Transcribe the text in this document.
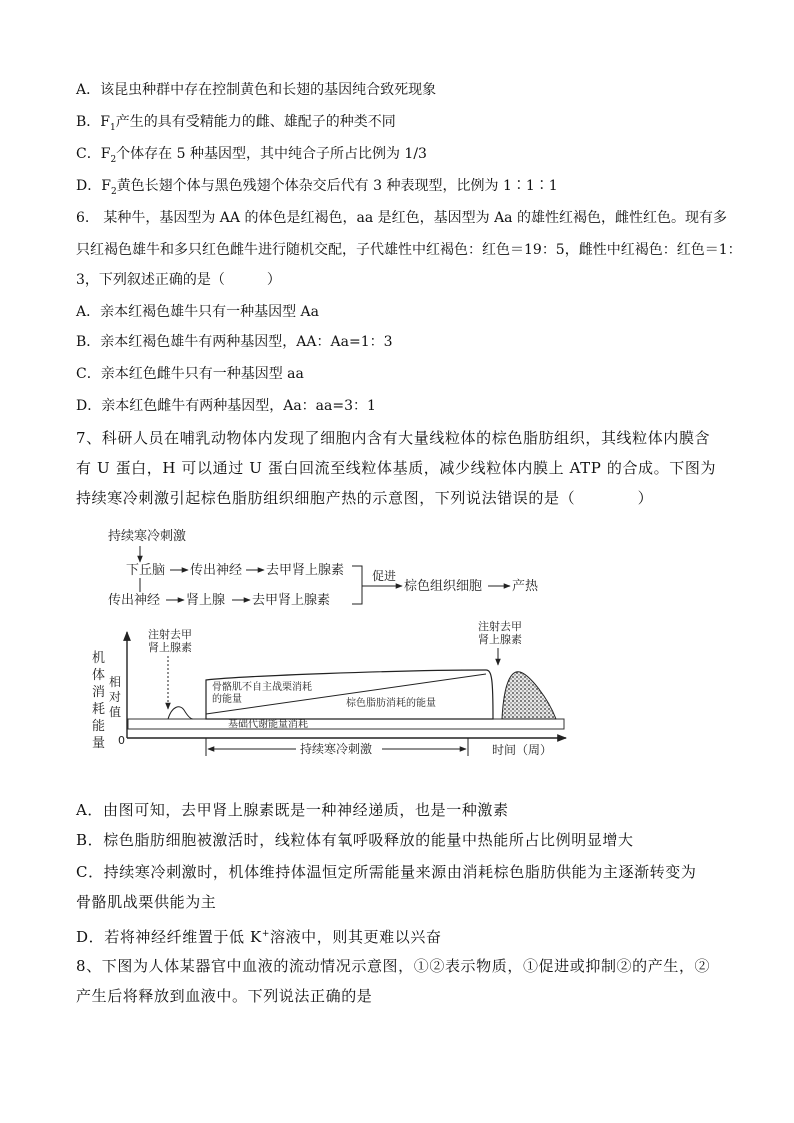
A．该昆虫种群中存在控制黄色和长翅的基因纯合致死现象
B．$F_1$产生的具有受精能力的雌、雄配子的种类不同
C．$F_2$个体存在 5 种基因型，其中纯合子所占比例为 1/3
D．$F_2$黄色长翅个体与黑色残翅个体杂交后代有 3 种表现型，比例为 1∶1∶1
6.　某种牛，基因型为 AA 的体色是红褐色，aa 是红色，基因型为 Aa 的雄性红褐色，雌性红色。现有多
只红褐色雄牛和多只红色雌牛进行随机交配，子代雄性中红褐色：红色＝19：5，雌性中红褐色：红色＝1：
3，下列叙述正确的是（　　　）
A．亲本红褐色雄牛只有一种基因型 Aa
B．亲本红褐色雄牛有两种基因型，AA：Aa=1：3
C．亲本红色雌牛只有一种基因型 aa
D．亲本红色雌牛有两种基因型，Aa：aa=3：1
7、科研人员在哺乳动物体内发现了细胞内含有大量线粒体的棕色脂肪组织，其线粒体内膜含
有 U 蛋白，H 可以通过 U 蛋白回流至线粒体基质，减少线粒体内膜上 ATP 的合成。下图为
持续寒冷刺激引起棕色脂肪组织细胞产热的示意图，下列说法错误的是（　　　　）
持续寒冷刺激
下丘脑 传出神经 去甲肾上腺素
传出神经 肾上腺 去甲肾上腺素
促进
棕色组织细胞 产热
机
体
消
耗
能
量
相
对
值
0
基础代谢能量消耗
注射去甲
肾上腺素
骨骼肌不自主战栗消耗
的能量	棕色脂肪消耗的能量
注射去甲
肾上腺素
持续寒冷刺激	时间（周）
A．由图可知，去甲肾上腺素既是一种神经递质，也是一种激素
B．棕色脂肪细胞被激活时，线粒体有氧呼吸释放的能量中热能所占比例明显增大
C．持续寒冷刺激时，机体维持体温恒定所需能量来源由消耗棕色脂肪供能为主逐渐转变为
骨骼肌战栗供能为主
D．若将神经纤维置于低 K+溶液中，则其更难以兴奋
8、下图为人体某器官中血液的流动情况示意图，①②表示物质，①促进或抑制②的产生，②
产生后将释放到血液中。下列说法正确的是
